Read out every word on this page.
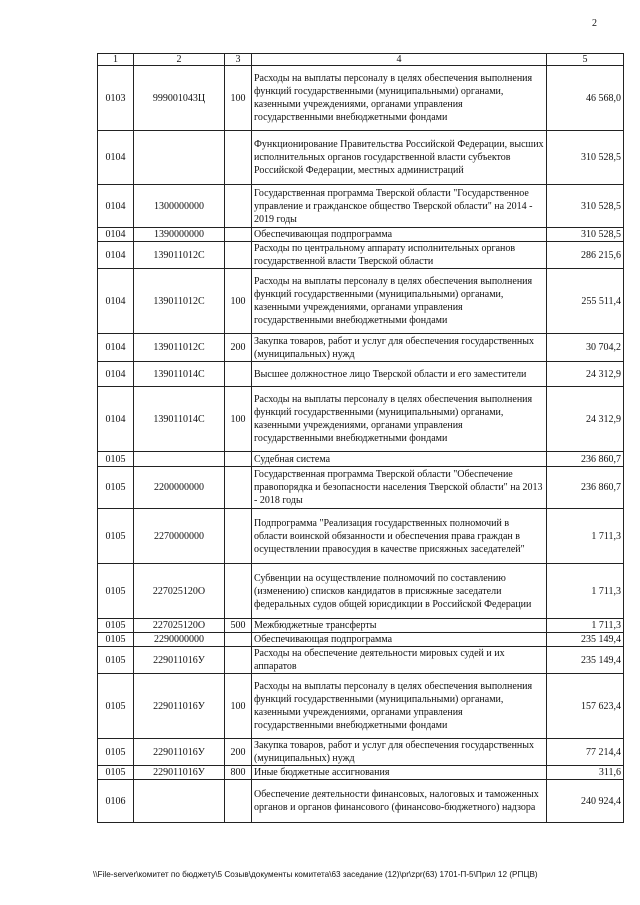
2
1	2	3	4	5
0103	999001043Ц	100	Расходы на выплаты персоналу в целях обеспечения выполнения функций государственными (муниципальными) органами, казенными учреждениями, органами управления государственными внебюджетными фондами	46 568,0
0104			Функционирование Правительства Российской Федерации, высших исполнительных органов государственной власти субъектов Российской Федерации, местных администраций	310 528,5
0104	1300000000		Государственная программа Тверской области "Государственное управление и гражданское общество Тверской области" на 2014 - 2019 годы	310 528,5
0104	1390000000		Обеспечивающая подпрограмма	310 528,5
0104	139011012С		Расходы по центральному аппарату исполнительных органов государственной власти Тверской области	286 215,6
0104	139011012С	100	Расходы на выплаты персоналу в целях обеспечения выполнения функций государственными (муниципальными) органами, казенными учреждениями, органами управления государственными внебюджетными фондами	255 511,4
0104	139011012С	200	Закупка товаров, работ и услуг для обеспечения государственных (муниципальных) нужд	30 704,2
0104	139011014С		Высшее должностное лицо Тверской области и его заместители	24 312,9
0104	139011014С	100	Расходы на выплаты персоналу в целях обеспечения выполнения функций государственными (муниципальными) органами, казенными учреждениями, органами управления государственными внебюджетными фондами	24 312,9
0105			Судебная система	236 860,7
0105	2200000000		Государственная программа Тверской области "Обеспечение правопорядка и безопасности населения Тверской области" на 2013 - 2018 годы	236 860,7
0105	2270000000		Подпрограмма "Реализация государственных полномочий в области воинской обязанности и обеспечения права граждан в осуществлении правосудия в качестве присяжных заседателей"	1 711,3
0105	227025120О		Субвенции на осуществление полномочий по составлению (изменению) списков кандидатов в присяжные заседатели федеральных судов общей юрисдикции в Российской Федерации	1 711,3
0105	227025120О	500	Межбюджетные трансферты	1 711,3
0105	2290000000		Обеспечивающая подпрограмма	235 149,4
0105	229011016У		Расходы на обеспечение деятельности мировых судей и их аппаратов	235 149,4
0105	229011016У	100	Расходы на выплаты персоналу в целях обеспечения выполнения функций государственными (муниципальными) органами, казенными учреждениями, органами управления государственными внебюджетными фондами	157 623,4
0105	229011016У	200	Закупка товаров, работ и услуг для обеспечения государственных (муниципальных) нужд	77 214,4
0105	229011016У	800	Иные бюджетные ассигнования	311,6
0106			Обеспечение деятельности финансовых, налоговых и таможенных органов и органов финансового (финансово-бюджетного) надзора	240 924,4
\\File-server\комитет по бюджету\5 Созыв\документы комитета\63 заседание (12)\pr\zpr(63) 1701-П-5\Прил 12 (РПЦВ)
